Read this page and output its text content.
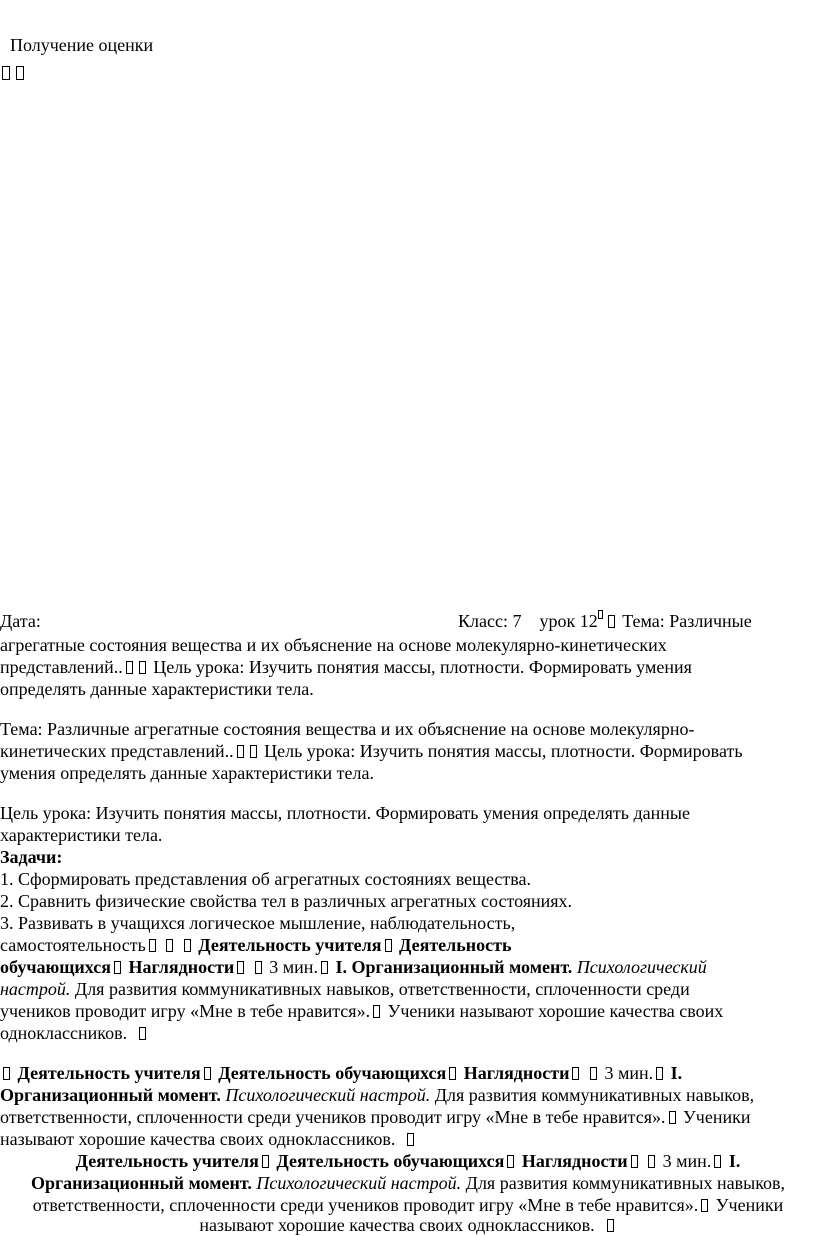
Получение оценки
Дата:	Класс: 7 урок 12 Тема: Различные
агрегатные состояния вещества и их объяснение на основе молекулярно-кинетических
представлений.. Цель урока: Изучить понятия массы, плотности. Формировать умения
определять данные характеристики тела.
Тема: Различные агрегатные состояния вещества и их объяснение на основе молекулярно-
кинетических представлений.. Цель урока: Изучить понятия массы, плотности. Формировать
умения определять данные характеристики тела.
Цель урока: Изучить понятия массы, плотности. Формировать умения определять данные
характеристики тела.
Задачи:
1. Сформировать представления об агрегатных состояниях вещества.
2. Сравнить физические свойства тел в различных агрегатных состояниях.
3. Развивать в учащихся логическое мышление, наблюдательность,
самостоятельность	Деятельность учителя Деятельность
обучающихся Наглядности 3 мин. I. Организационный момент. Психологический
настрой. Для развития коммуникативных навыков, ответственности, сплоченности среди
учеников проводит игру «Мне в тебе нравится». Ученики называют хорошие качества своих
одноклассников.
Деятельность учителя Деятельность обучающихся Наглядности 3 мин. I.
Организационный момент. Психологический настрой. Для развития коммуникативных навыков,
ответственности, сплоченности среди учеников проводит игру «Мне в тебе нравится». Ученики
называют хорошие качества своих одноклассников.
Деятельность учителя Деятельность обучающихся Наглядности 3 мин. I.
Организационный момент. Психологический настрой. Для развития коммуникативных навыков,
ответственности, сплоченности среди учеников проводит игру «Мне в тебе нравится». Ученики
называют хорошие качества своих одноклассников.
